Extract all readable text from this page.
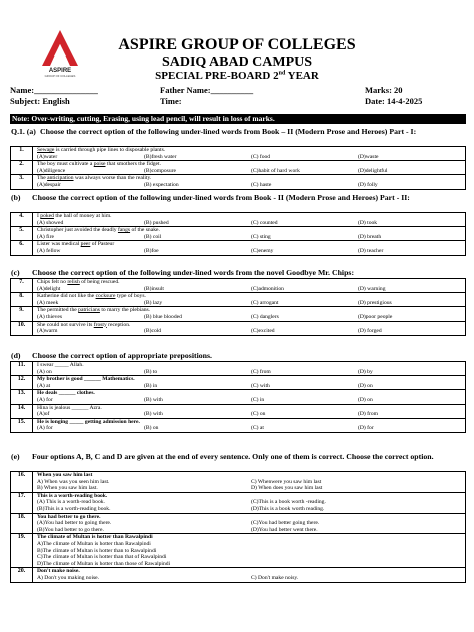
ASPIRE
GROUP OF COLLEGES
ASPIRE GROUP OF COLLEGES
SADIQ ABAD CAMPUS
SPECIAL PRE-BOARD 2nd YEAR
Name:_______________	Father Name:__________	Marks: 20
Subject: English	Time:	Date: 14-4-2025
Note: Over-writing, cutting, Erasing, using lead pencil, will result in loss of marks.
Q.1. (a) Choose the correct option of the following under-lined words from Book – II (Modern Prose and Heroes) Part - I:
1.	Sewage is carried through pipe lines to disposable plants.
(A)water (B)fresh water (C) food (D)waste

2.	The boy must cultivate a poise that smothers the fidget.
(A)diligence (B)composure (C)habit of hard work (D)delightful

3.	The anticipation was always worse than the reality.
(A)despair (B) expectation (C) haste (D) folly
(b) Choose the correct option of the following under-lined words from Book - II (Modern Prose and Heroes) Part - II:
4.	I poked the ball of money at him.
(A) showed (B) pushed (C) counted (D) took

5.	Christopher just avoided the deadly fangs of the snake.
(A) fire (B) coil (C) sting (D) breath

6.	Lister was medical peer of Pasteur
(A) fellow (B)foe (C)enemy (D) teacher
(c) Choose the correct option of the following under-lined words from the novel Goodbye Mr. Chips:
7.	Chips felt no relish of being rescued.
(A)delight (B)insult (C)admonition (D) warning

8.	Katherine did not like the cocksure type of boys.
(A) meek (B) lazy (C) arrogant (D) prestigious

9.	The permitted the patricians to marry the plebians.
(A) thieves (B) blue blooded (C) danglers (D)poor people

10.	She could not survive its frosty reception.
(A)warm (B)cold (C)excited (D) forged
(d) Choose the correct option of appropriate prepositions.
11.	I swear _____ Allah.
(A) on (B) to (C) from (D) by

12.	My brother is good ______ Mathematics.
(A) at (B) in (C) with (D) on

13.	He deals ______ clothes.
(A) for (B) with (C) in (D) on

14.	Hina is jealous ______ Azra.
(A)of (B) with (C) on (D) from

15.	He is longing _____ getting admission here.
(A) for (B) on (C) at (D) for
(e) Four options A, B, C and D are given at the end of every sentence. Only one of them is correct. Choose the correct option.
16.	When you saw him last
A) When was you seen him last. C) Whenwere you saw him last
B) When you saw him last. D) When does you saw him last

17.	This is a worth-reading book.
(A) This is a worth-read book. (C)This is a book worth -reading.
(B)This is a worth-reading book. (D)This is a book worth reading.

18.	You had better to go there.
(A)You had better to going there. (C)You had better going there.
(B)You had better to go there. (D)You had better went there.

19.	The climate of Multan is hotter than Rawalpindi
A)The climate of Multan is hotter than Rawalpindi
B)The climate of Multan is hotter than to Rawalpindi
C)The climate of Multan is hotter than that of Rawalpindi
D)The climate of Multan is hotter than those of Rawalpindi

20.	Don't make noise.
A) Don't you making noise. C) Don't make noisy.
